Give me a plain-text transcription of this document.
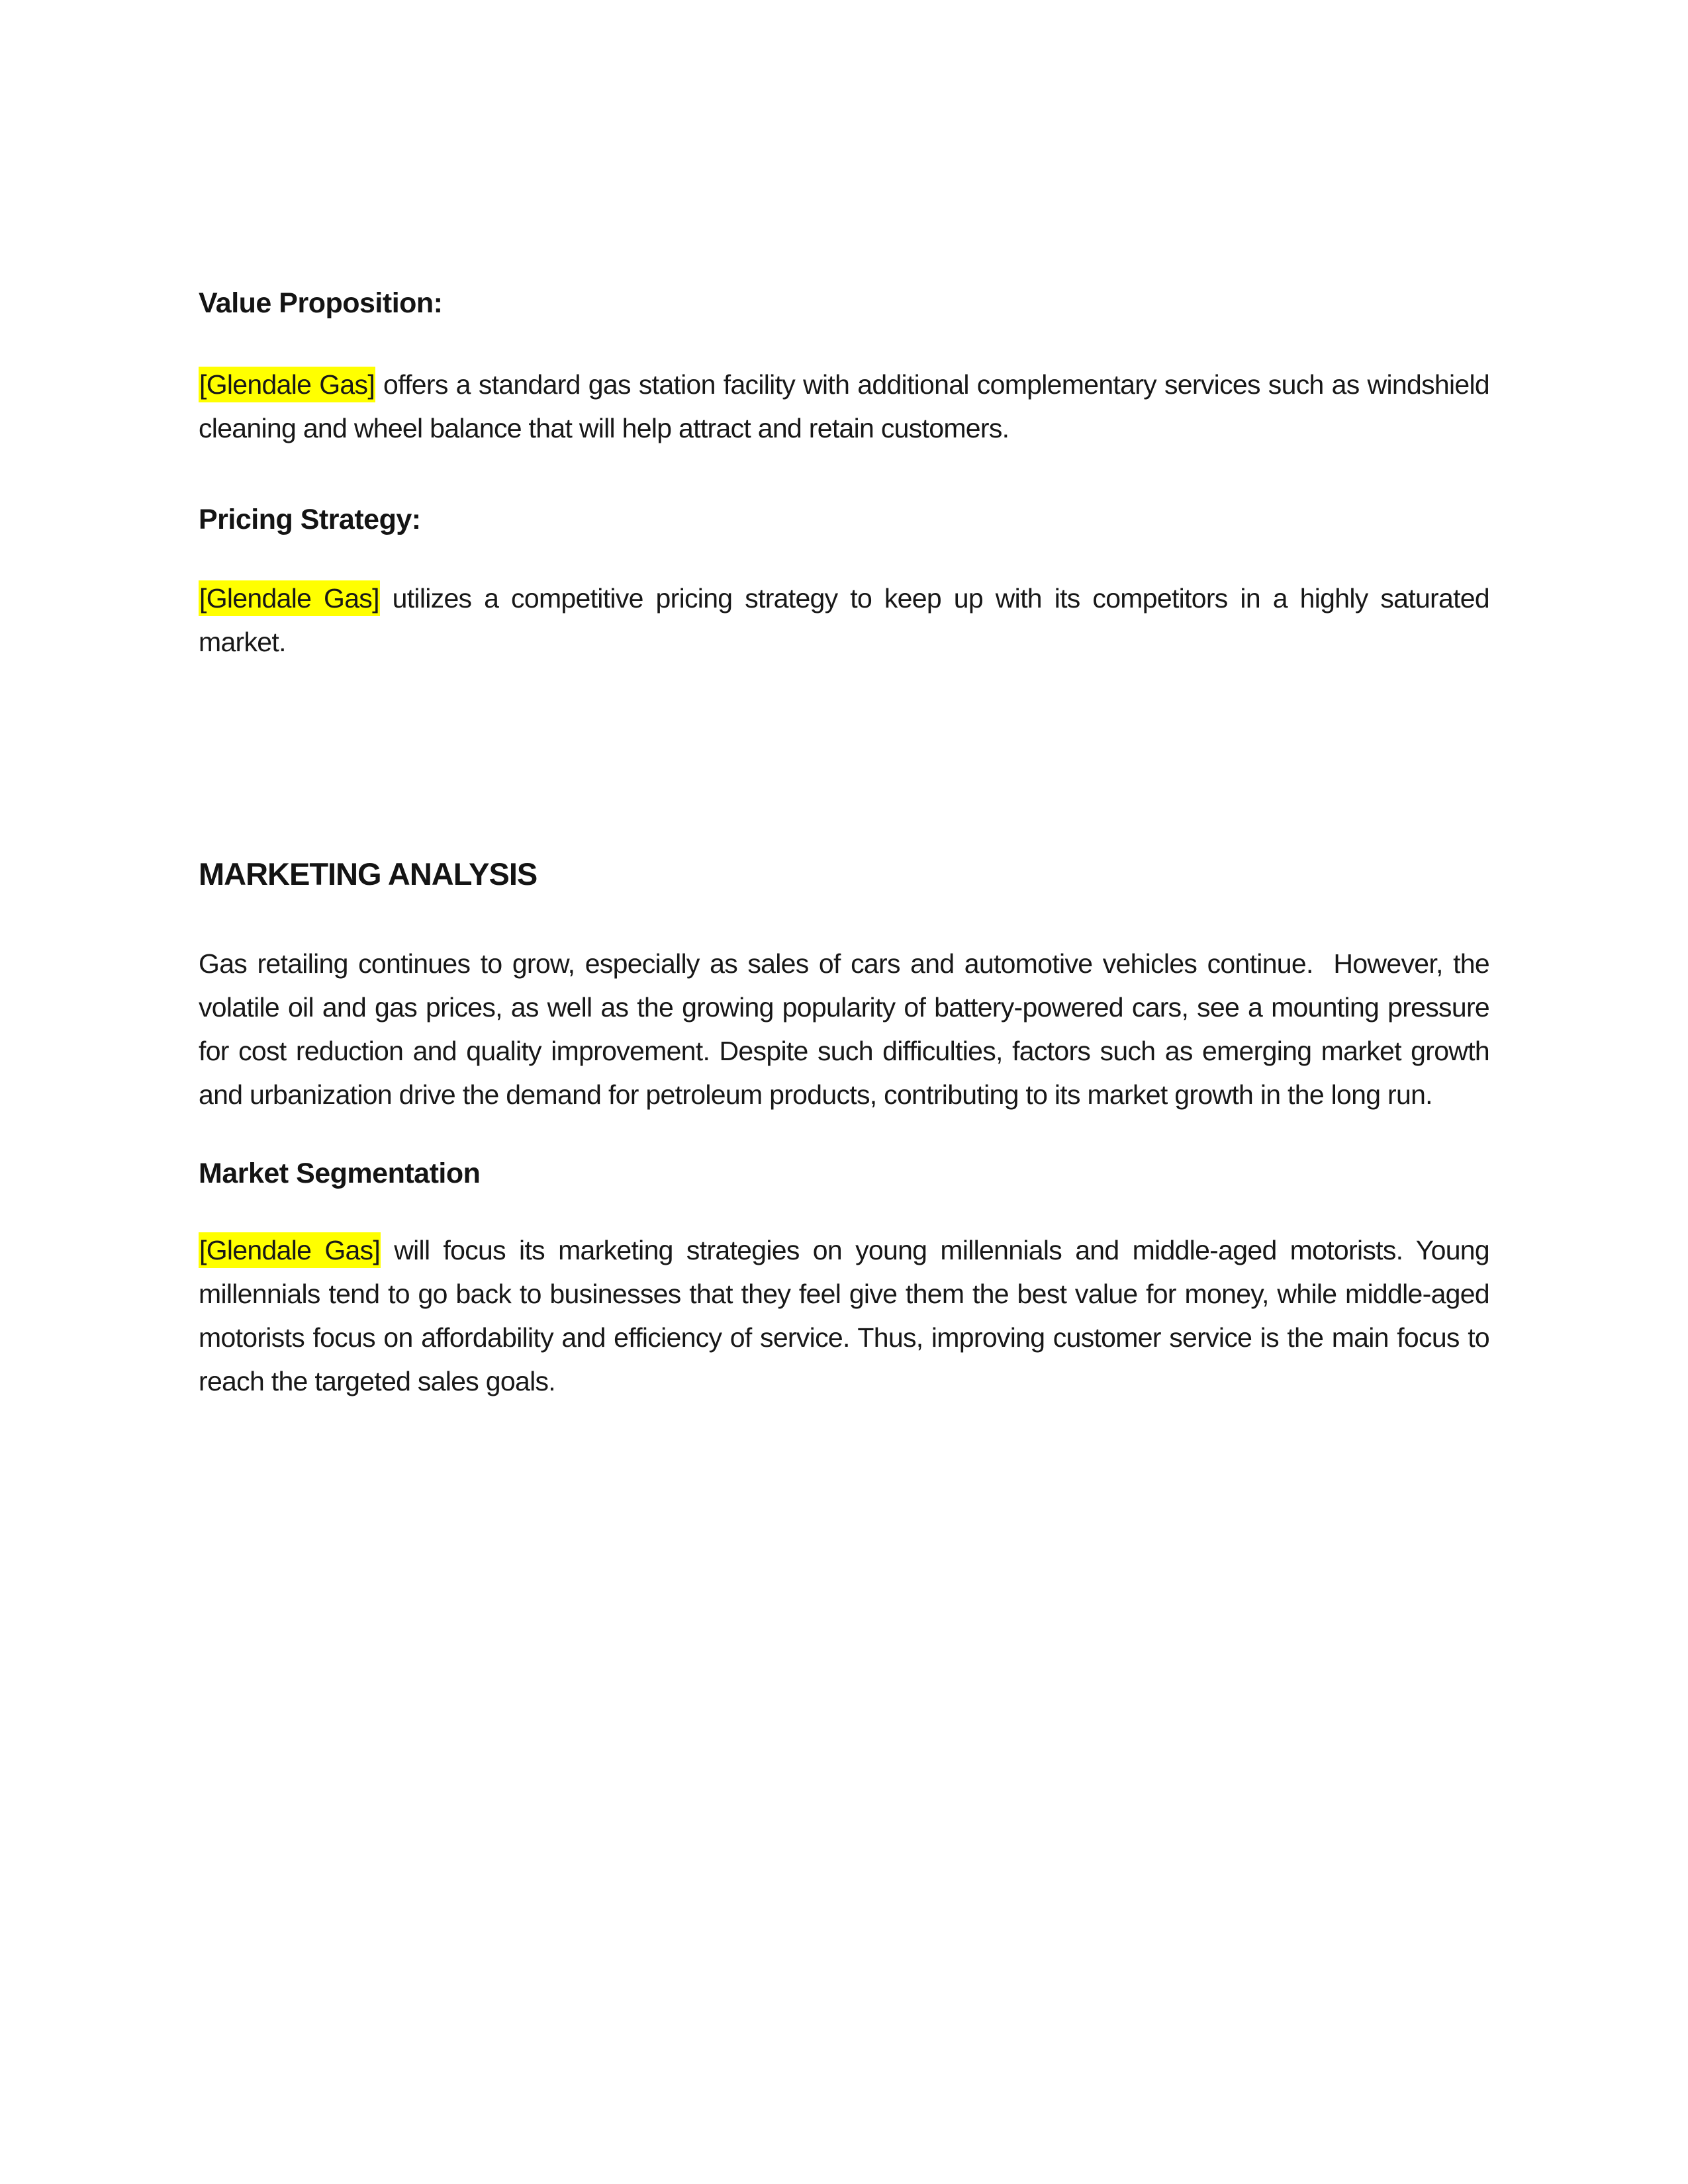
Value Proposition:

[Glendale Gas] offers a standard gas station facility with additional complementary services such as windshield cleaning and wheel balance that will help attract and retain customers.

Pricing Strategy:

[Glendale Gas] utilizes a competitive pricing strategy to keep up with its competitors in a highly saturated market.

MARKETING ANALYSIS

Gas retailing continues to grow, especially as sales of cars and automotive vehicles continue.  However, the volatile oil and gas prices, as well as the growing popularity of battery-powered cars, see a mounting pressure for cost reduction and quality improvement. Despite such difficulties, factors such as emerging market growth and urbanization drive the demand for petroleum products, contributing to its market growth in the long run.

Market Segmentation

[Glendale Gas] will focus its marketing strategies on young millennials and middle-aged motorists. Young millennials tend to go back to businesses that they feel give them the best value for money, while middle-aged motorists focus on affordability and efficiency of service. Thus, improving customer service is the main focus to reach the targeted sales goals.
